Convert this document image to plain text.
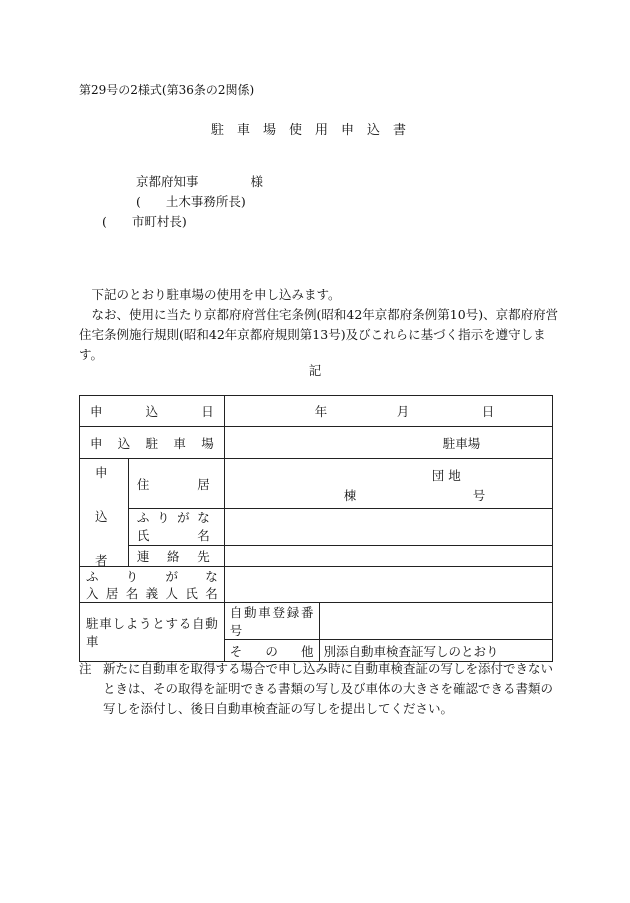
第29号の2様式(第36条の2関係)
駐車場使用申込書
京都府知事	様
(　　土木事務所長)
(　　市町村長)

下記のとおり駐車場の使用を申し込みます。

なお、使用に当たり京都府府営住宅条例(昭和42年京都府条例第10号)、京都府府営住宅条例施行規則(昭和42年京都府規則第13号)及びこれらに基づく指示を遵守します。

記
申込日		年 月 日	

申込駐車場		駐車場	

申
込
者	住居	団 地
棟 号	

	ふりがな
氏名		

	連絡先		

ふりがな
入居名義人氏名			

駐車しようとする自動車		自動車登録番号	

		その他	別添自動車検査証写しのとおり
注 新たに自動車を取得する場合で申し込み時に自動車検査証の写しを添付できないときは、その取得を証明できる書類の写し及び車体の大きさを確認できる書類の写しを添付し、後日自動車検査証の写しを提出してください。
